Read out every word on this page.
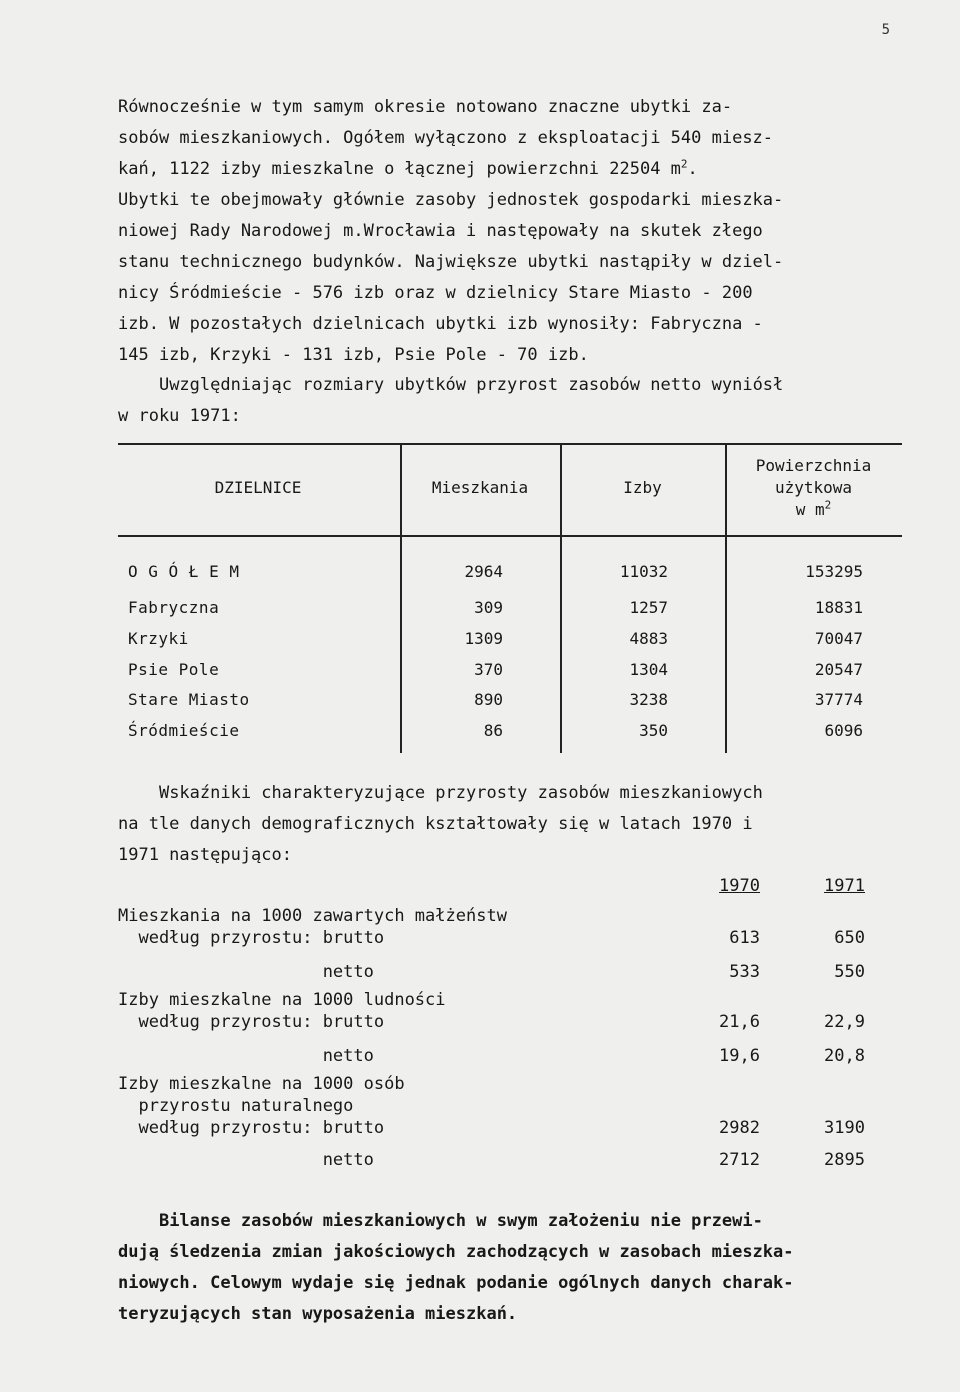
5

Równocześnie w tym samym okresie notowano znaczne ubytki za-
sobów mieszkaniowych. Ogółem wyłączono z eksploatacji 540 miesz-
kań, 1122 izby mieszkalne o łącznej powierzchni 22504 $m^2$.
Ubytki te obejmowały głównie zasoby jednostek gospodarki mieszka-
niowej Rady Narodowej m.Wrocławia i następowały na skutek złego
stanu technicznego budynków. Największe ubytki nastąpiły w dziel-
nicy Śródmieście - 576 izb oraz w dzielnicy Stare Miasto - 200
izb. W pozostałych dzielnicach ubytki izb wynosiły: Fabryczna -
145 izb, Krzyki - 131 izb, Psie Pole - 70 izb.

Uwzględniając rozmiary ubytków przyrost zasobów netto wyniósł
w roku 1971:

DZIELNICE	Mieszkania	Izby
Powierzchnia
użytkowa
w $m^2$
O G Ó Ł E M	2964	11032	153295
Fabryczna	309	1257	18831
Krzyki	1309	4883	70047
Psie Pole	370	1304	20547
Stare Miasto	890	3238	37774
Śródmieście	86	350	6096

Wskaźniki charakteryzujące przyrosty zasobów mieszkaniowych
na tle danych demograficznych kształtowały się w latach 1970 i
1971 następująco:

1970	1971
Mieszkania na 1000 zawartych małżeństw
według przyrostu: brutto	613	650
netto	533	550
Izby mieszkalne na 1000 ludności
według przyrostu: brutto	21,6	22,9
netto	19,6	20,8
Izby mieszkalne na 1000 osób
przyrostu naturalnego
według przyrostu: brutto	2982	3190
netto	2712	2895

Bilanse zasobów mieszkaniowych w swym założeniu nie przewi-
dują śledzenia zmian jakościowych zachodzących w zasobach mieszka-
niowych. Celowym wydaje się jednak podanie ogólnych danych charak-
teryzujących stan wyposażenia mieszkań.
